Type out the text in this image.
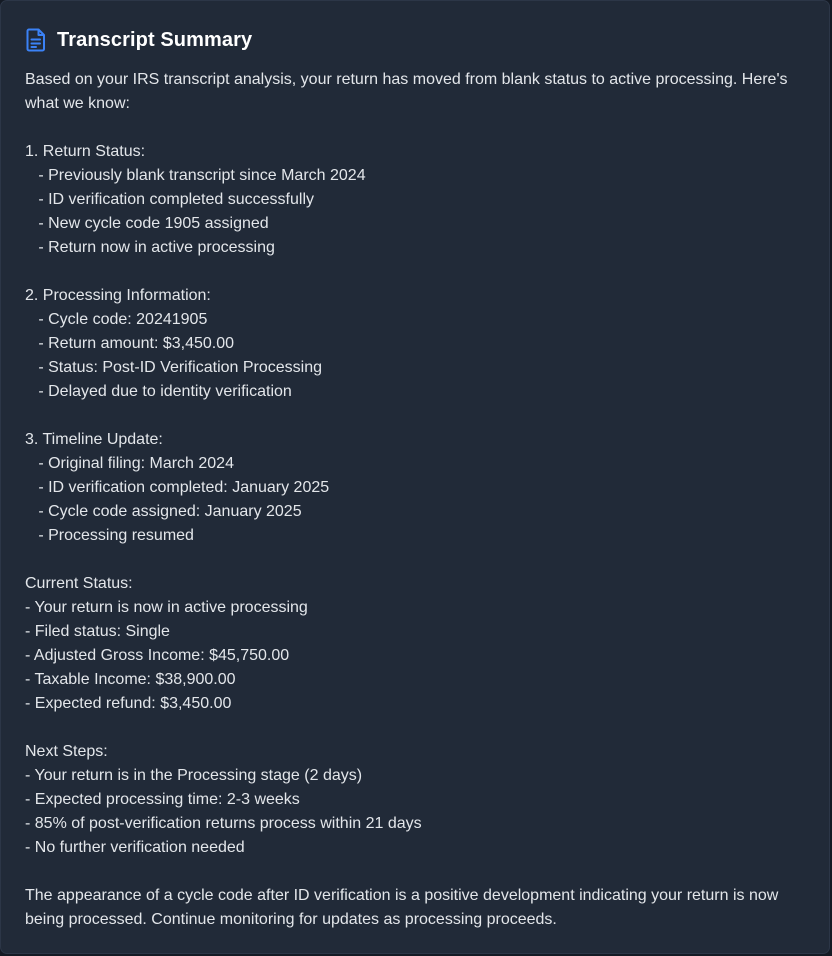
Transcript Summary
Based on your IRS transcript analysis, your return has moved from blank status to active processing. Here's what we know:
1. Return Status:
- Previously blank transcript since March 2024
- ID verification completed successfully
- New cycle code 1905 assigned
- Return now in active processing
2. Processing Information:
- Cycle code: 20241905
- Return amount: $3,450.00
- Status: Post-ID Verification Processing
- Delayed due to identity verification
3. Timeline Update:
- Original filing: March 2024
- ID verification completed: January 2025
- Cycle code assigned: January 2025
- Processing resumed
Current Status:
- Your return is now in active processing
- Filed status: Single
- Adjusted Gross Income: $45,750.00
- Taxable Income: $38,900.00
- Expected refund: $3,450.00
Next Steps:
- Your return is in the Processing stage (2 days)
- Expected processing time: 2-3 weeks
- 85% of post-verification returns process within 21 days
- No further verification needed
The appearance of a cycle code after ID verification is a positive development indicating your return is now being processed. Continue monitoring for updates as processing proceeds.
